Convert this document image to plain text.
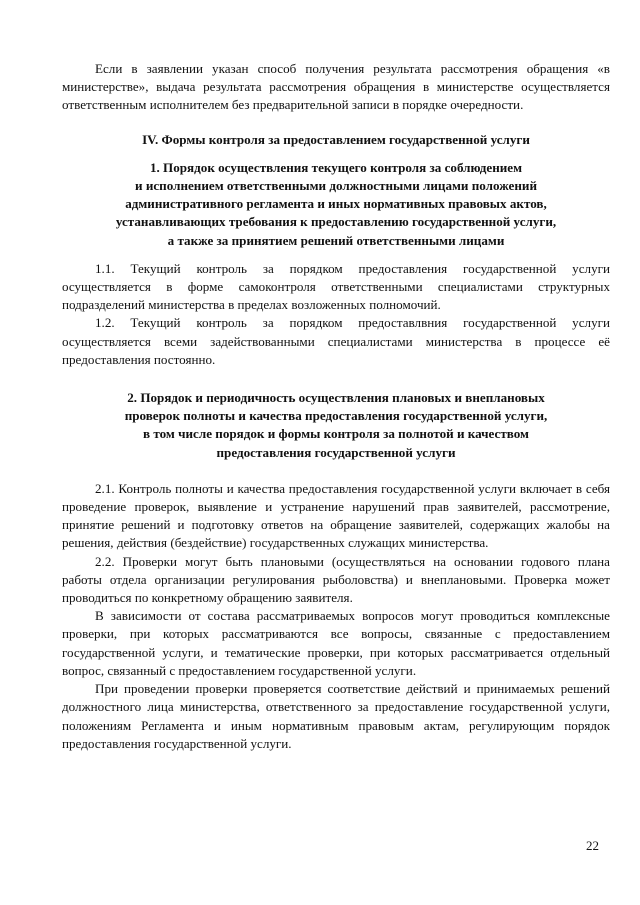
Если в заявлении указан способ получения результата рассмотрения обращения «в министерстве», выдача результата рассмотрения обращения в министерстве осуществляется ответственным исполнителем без предварительной записи в порядке очередности.

IV. Формы контроля за предоставлением государственной услуги
1. Порядок осуществления текущего контроля за соблюдением
и исполнением ответственными должностными лицами положений
административного регламента и иных нормативных правовых актов,
устанавливающих требования к предоставлению государственной услуги,
а также за принятием решений ответственными лицами

1.1. Текущий контроль за порядком предоставления государственной услуги осуществляется в форме самоконтроля ответственными специалистами структурных подразделений министерства в пределах возложенных полномочий.

1.2. Текущий контроль за порядком предоставлвния государственной услуги осуществляется всеми задействованными специалистами министерства в процессе её предоставления постоянно.

2. Порядок и периодичность осуществления плановых и внеплановых
проверок полноты и качества предоставления государственной услуги,
в том числе порядок и формы контроля за полнотой и качеством
предоставления государственной услуги

2.1. Контроль полноты и качества предоставления государственной услуги включает в себя проведение проверок, выявление и устранение нарушений прав заявителей, рассмотрение, принятие решений и подготовку ответов на обращение заявителей, содержащих жалобы на решения, действия (бездействие) государственных служащих министерства.

2.2. Проверки могут быть плановыми (осуществляться на основании годового плана работы отдела организации регулирования рыболовства) и внеплановыми. Проверка может проводиться по конкретному обращению заявителя.

В зависимости от состава рассматриваемых вопросов могут проводиться комплексные проверки, при которых рассматриваются все вопросы, связанные с предоставлением государственной услуги, и тематические проверки, при которых рассматривается отдельный вопрос, связанный с предоставлением государственной услуги.

При проведении проверки проверяется соответствие действий и принимаемых решений должностного лица министерства, ответственного за предоставление государственной услуги, положениям Регламента и иным нормативным правовым актам, регулирующим порядок предоставления государственной услуги.

22
